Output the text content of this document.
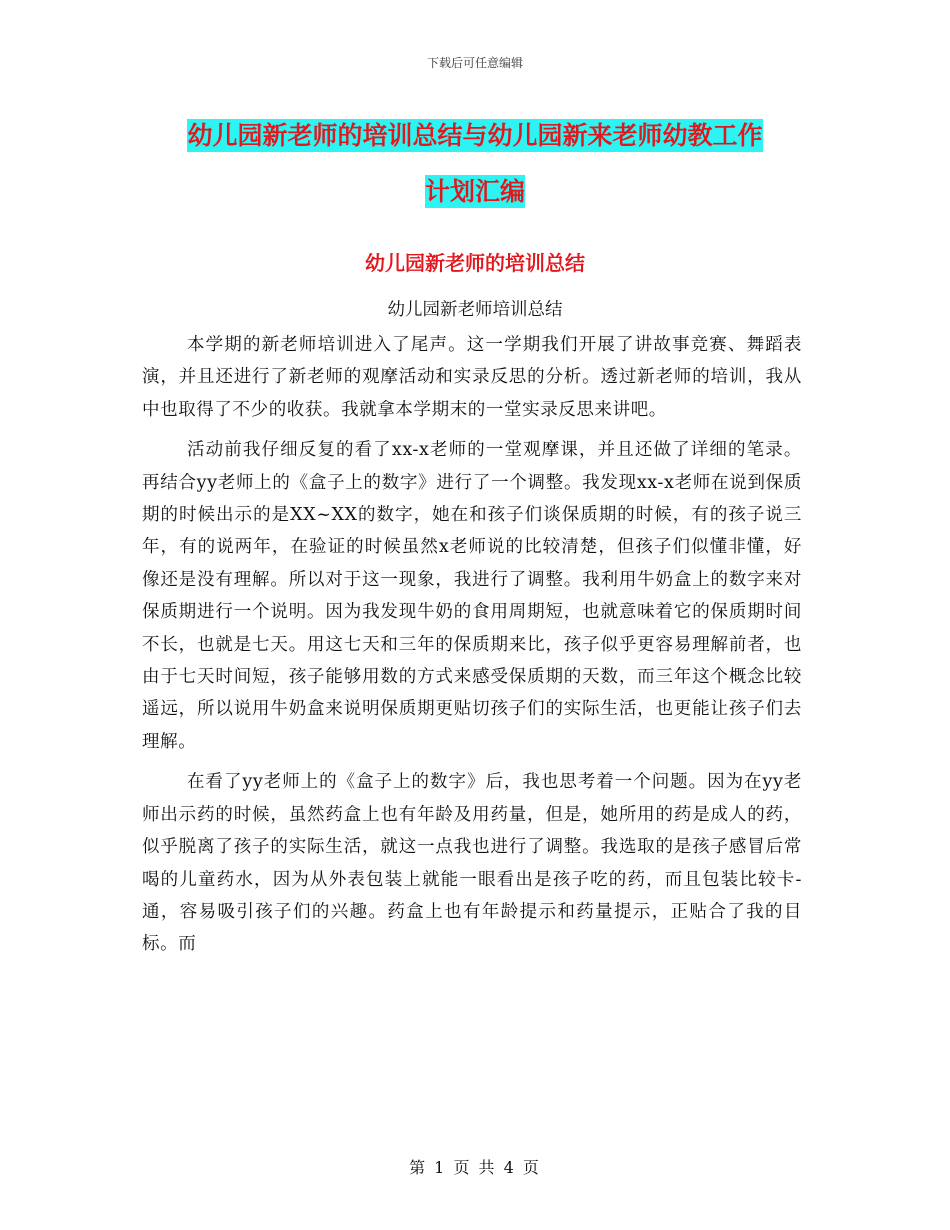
下载后可任意编辑
幼儿园新老师的培训总结与幼儿园新来老师幼教工作
计划汇编
幼儿园新老师的培训总结
幼儿园新老师培训总结

本学期的新老师培训进入了尾声。这一学期我们开展了讲故事竞赛、舞蹈表演，并且还进行了新老师的观摩活动和实录反思的分析。透过新老师的培训，我从中也取得了不少的收获。我就拿本学期末的一堂实录反思来讲吧。

活动前我仔细反复的看了xx-x老师的一堂观摩课，并且还做了详细的笔录。再结合yy老师上的《盒子上的数字》进行了一个调整。我发现xx-x老师在说到保质期的时候出示的是XX~XX的数字，她在和孩子们谈保质期的时候，有的孩子说三年，有的说两年，在验证的时候虽然x老师说的比较清楚，但孩子们似懂非懂，好像还是没有理解。所以对于这一现象，我进行了调整。我利用牛奶盒上的数字来对保质期进行一个说明。因为我发现牛奶的食用周期短，也就意味着它的保质期时间不长，也就是七天。用这七天和三年的保质期来比，孩子似乎更容易理解前者，也由于七天时间短，孩子能够用数的方式来感受保质期的天数，而三年这个概念比较遥远，所以说用牛奶盒来说明保质期更贴切孩子们的实际生活，也更能让孩子们去理解。

在看了yy老师上的《盒子上的数字》后，我也思考着一个问题。因为在yy老师出示药的时候，虽然药盒上也有年龄及用药量，但是，她所用的药是成人的药，似乎脱离了孩子的实际生活，就这一点我也进行了调整。我选取的是孩子感冒后常喝的儿童药水，因为从外表包装上就能一眼看出是孩子吃的药，而且包装比较卡-通，容易吸引孩子们的兴趣。药盒上也有年龄提示和药量提示，正贴合了我的目标。而

第 1 页 共 4 页
